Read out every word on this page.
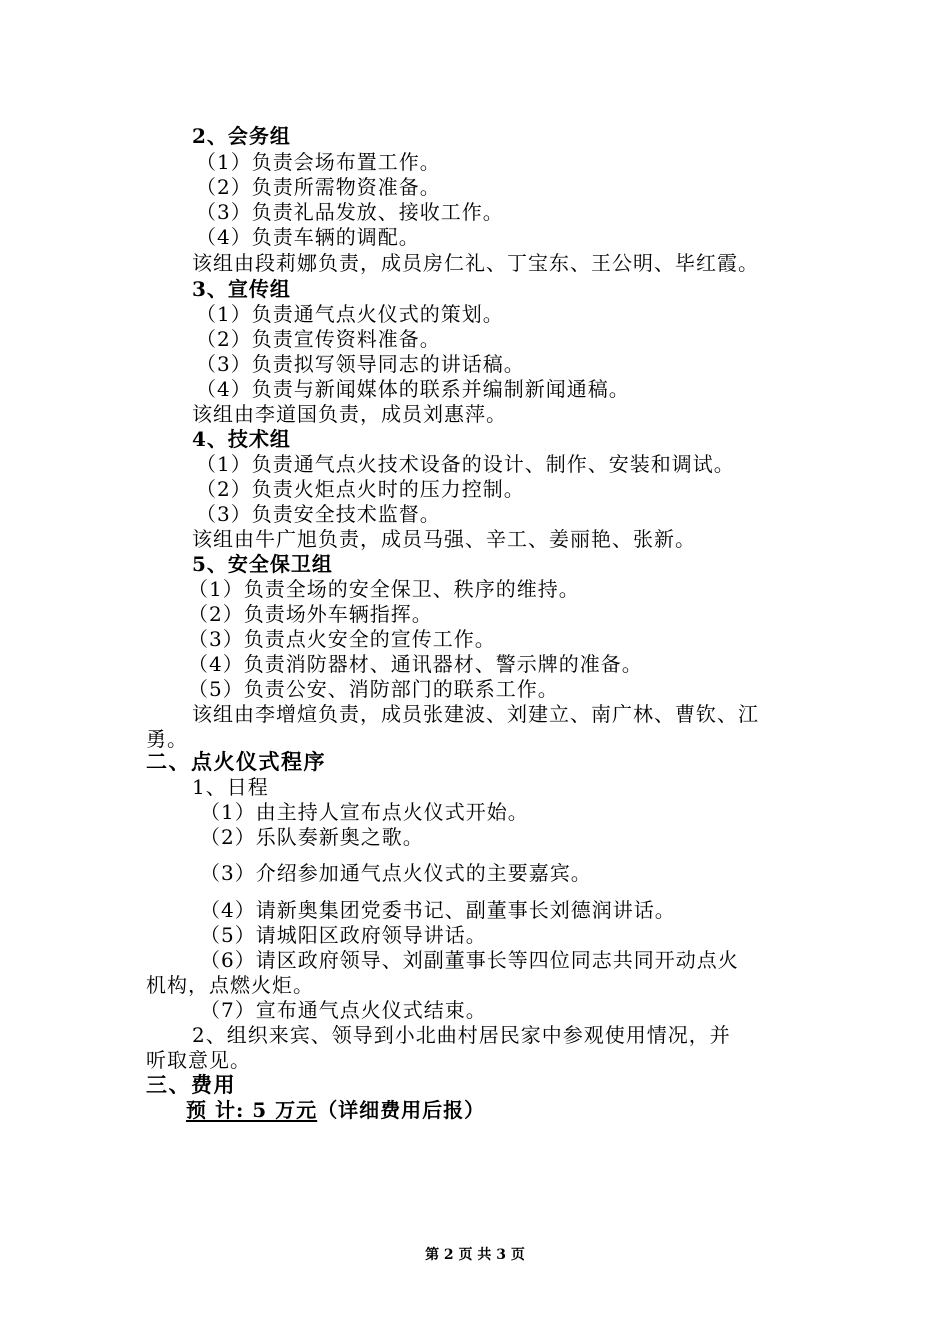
2、会务组
（1）负责会场布置工作。
（2）负责所需物资准备。
（3）负责礼品发放、接收工作。
（4）负责车辆的调配。
该组由段莉娜负责，成员房仁礼、丁宝东、王公明、毕红霞。
3、宣传组
（1）负责通气点火仪式的策划。
（2）负责宣传资料准备。
（3）负责拟写领导同志的讲话稿。
（4）负责与新闻媒体的联系并编制新闻通稿。
该组由李道国负责，成员刘惠萍。
4、技术组
（1）负责通气点火技术设备的设计、制作、安装和调试。
（2）负责火炬点火时的压力控制。
（3）负责安全技术监督。
该组由牛广旭负责，成员马强、辛工、姜丽艳、张新。
5、安全保卫组
（1）负责全场的安全保卫、秩序的维持。
（2）负责场外车辆指挥。
（3）负责点火安全的宣传工作。
（4）负责消防器材、通讯器材、警示牌的准备。
（5）负责公安、消防部门的联系工作。
该组由李增煊负责，成员张建波、刘建立、南广林、曹钦、江
勇。
二、点火仪式程序
1、日程
（1）由主持人宣布点火仪式开始。
（2）乐队奏新奥之歌。
（3）介绍参加通气点火仪式的主要嘉宾。
（4）请新奥集团党委书记、副董事长刘德润讲话。
（5）请城阳区政府领导讲话。
（6）请区政府领导、刘副董事长等四位同志共同开动点火
机构，点燃火炬。
（7）宣布通气点火仪式结束。
2、组织来宾、领导到小北曲村居民家中参观使用情况，并
听取意见。
三、费用
预 计: 5 万元（详细费用后报）
第 2 页 共 3 页
